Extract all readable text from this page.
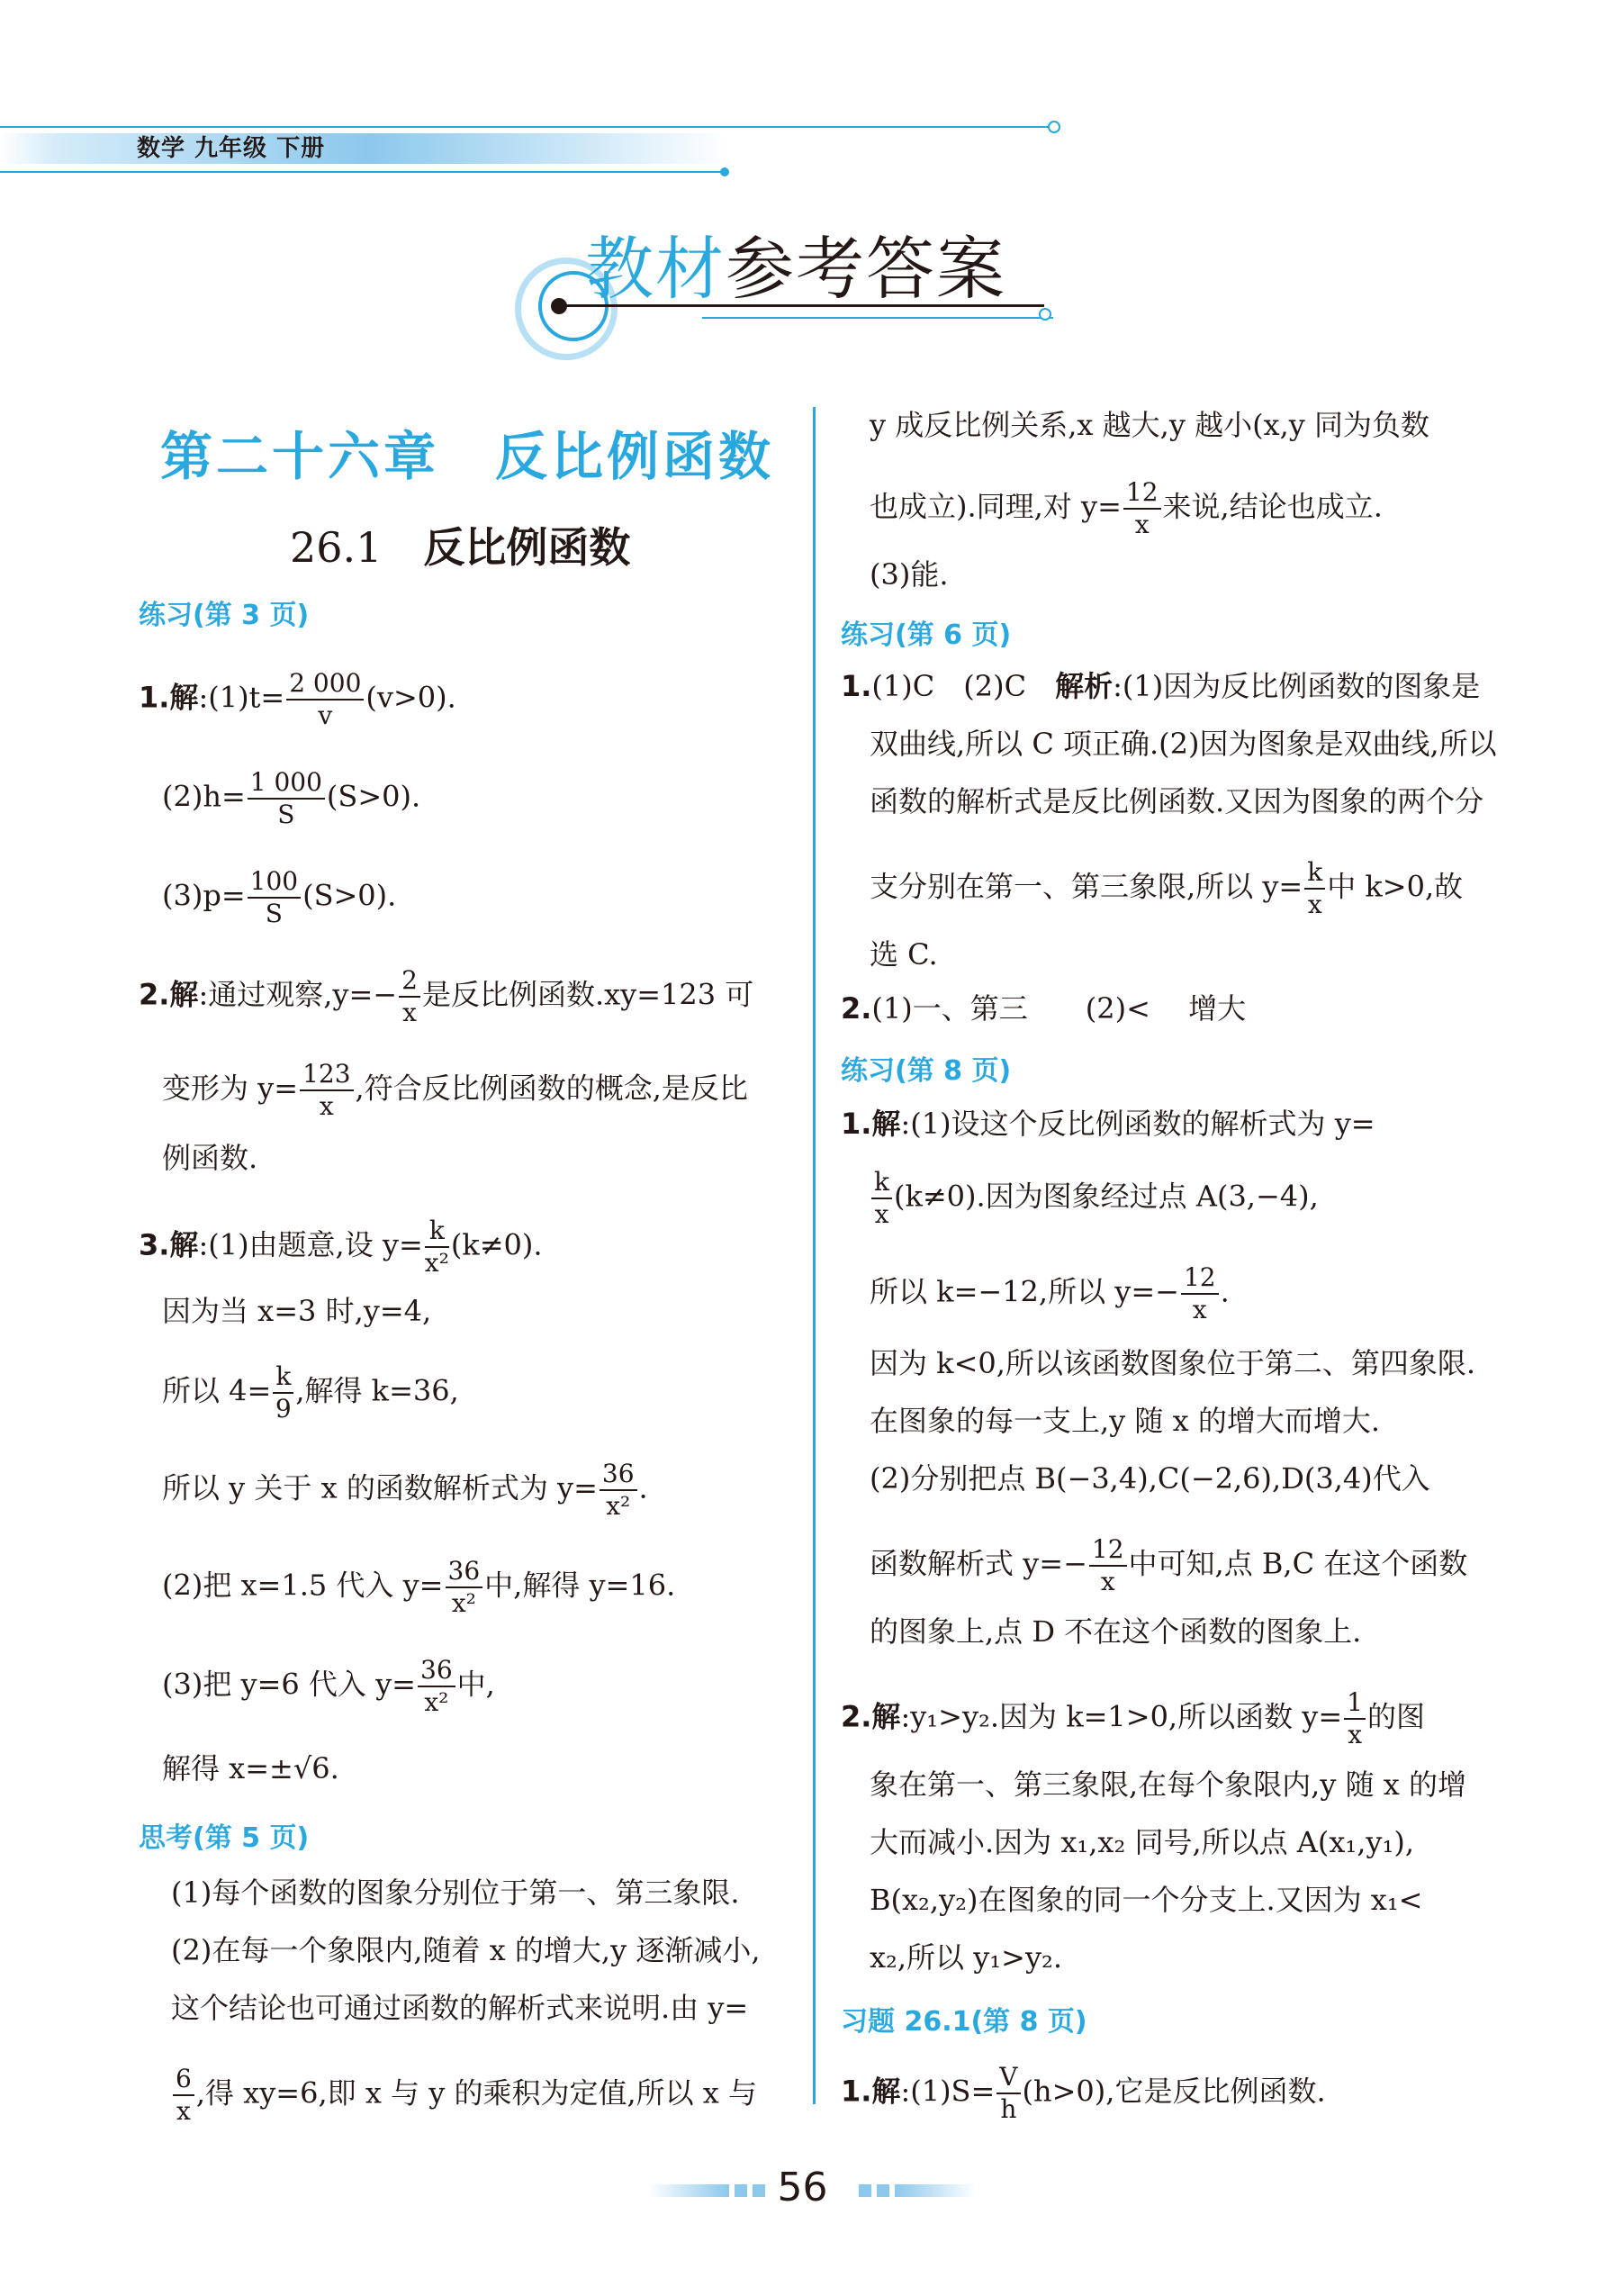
数学 九年级 下册
教材参考答案
第二十六章　反比例函数
26.1　 反比例函数
练习(第 3 页)
1.解:(1)t= $\frac{2 000}{v} (v>0)$.
$(2)h= \frac{1 000}{S} (S>0)$.
$(3)p= \frac{100}{S} (S>0)$.
2.解:通过观察$,y=- \frac{2}{x}$ 是反比例函数.xy=123 可
变形为 $y= \frac{123}{x}$ ,符合反比例函数的概念,是反比
例函数.
3.解:(1)由题意,设 $y= \frac{k}{\text{x²}} (k\ne 0)$.
因为当 x=3 时,y=4,
所以 $4= \frac{k}{9}$ ,解得 k=36,
所以 y 关于 x 的函数解析式为 $y= \frac{36}{\text{x²}}$ .
(2)把 x=1.5 代入 $y= \frac{36}{\text{x²}}$ 中,解得 y=16.
(3)把 y=6 代入 $y= \frac{36}{\text{x²}}$ 中,
解得 x=±√6.
思考(第 5 页)
(1)每个函数的图象分别位于第一、第三象限.
(2)在每一个象限内,随着 x 的增大,y 逐渐减小,
这个结论也可通过函数的解析式来说明.由 y=
$\frac{6}{x}$ ,得 xy=6,即 x 与 y 的乘积为定值,所以 x 与
y 成反比例关系,x 越大,y 越小(x,y 同为负数
也成立).同理,对 $y= \frac{12}{x}$ 来说,结论也成立.
(3)能.
练习(第 6 页)
1.(1)C　(2)C　解析:(1)因为反比例函数的图象是
双曲线,所以 C 项正确.(2)因为图象是双曲线,所以
函数的解析式是反比例函数.又因为图象的两个分
支分别在第一、第三象限,所以 $y= \frac{k}{x}$ 中 k>0,故
选 C.
2.(1)一、第三　　(2)<　 增大
练习(第 8 页)
1.解:(1)设这个反比例函数的解析式为 y=
$\frac{k}{x} (k\ne 0)$.因为图象经过点 A(3,−4),
所以 k=−12,所以 $y=- \frac{12}{x}$ .
因为 k<0,所以该函数图象位于第二、第四象限.
在图象的每一支上,y 随 x 的增大而增大.
(2)分别把点 B(−3,4),C(−2,6),D(3,4)代入
函数解析式 $y=- \frac{12}{x}$ 中可知,点 B,C 在这个函数
的图象上,点 D 不在这个函数的图象上.
2.解:y₁>y₂.因为 k=1>0,所以函数 $y= \frac{1}{x}$ 的图
象在第一、第三象限,在每个象限内,y 随 x 的增
大而减小.因为 x₁,x₂ 同号,所以点 A(x₁,y₁),
B(x₂,y₂)在图象的同一个分支上.又因为 x₁<
x₂,所以 y₁>y₂.
习题 26.1(第 8 页)
1.解:(1)S= $\frac{V}{h} (h>0)$,它是反比例函数.
56
